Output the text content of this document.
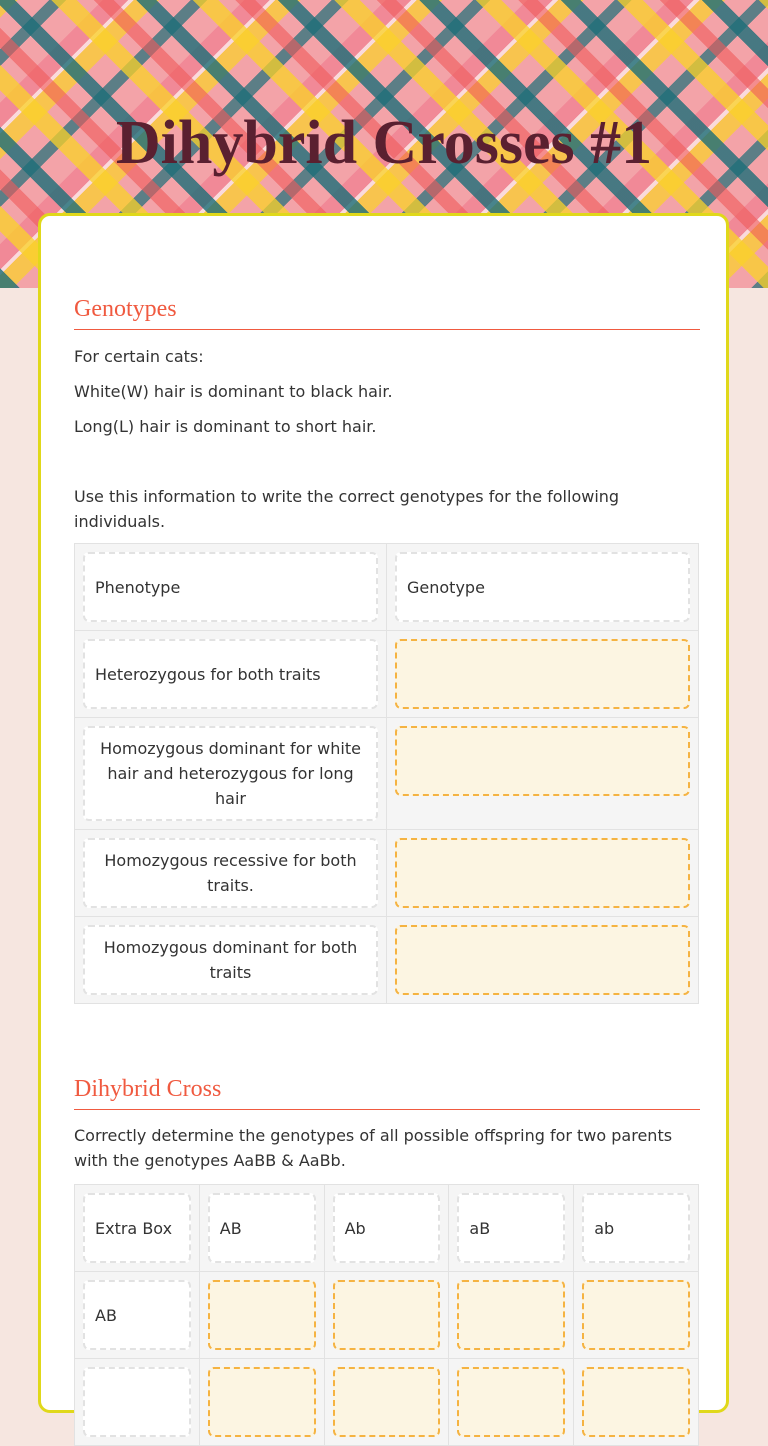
Dihybrid Crosses #1
Genotypes
For certain cats:
White(W) hair is dominant to black hair.
Long(L) hair is dominant to short hair.
Use this information to write the correct genotypes for the following individuals.
Phenotype	Genotype

Heterozygous for both traits	

Homozygous dominant for white hair and heterozygous for long hair	

Homozygous recessive for both traits.	

Homozygous dominant for both traits	

Dihybrid Cross
Correctly determine the genotypes of all possible offspring for two parents with the genotypes AaBB & AaBb.
Extra Box	AB	Ab	aB	ab

AB				
